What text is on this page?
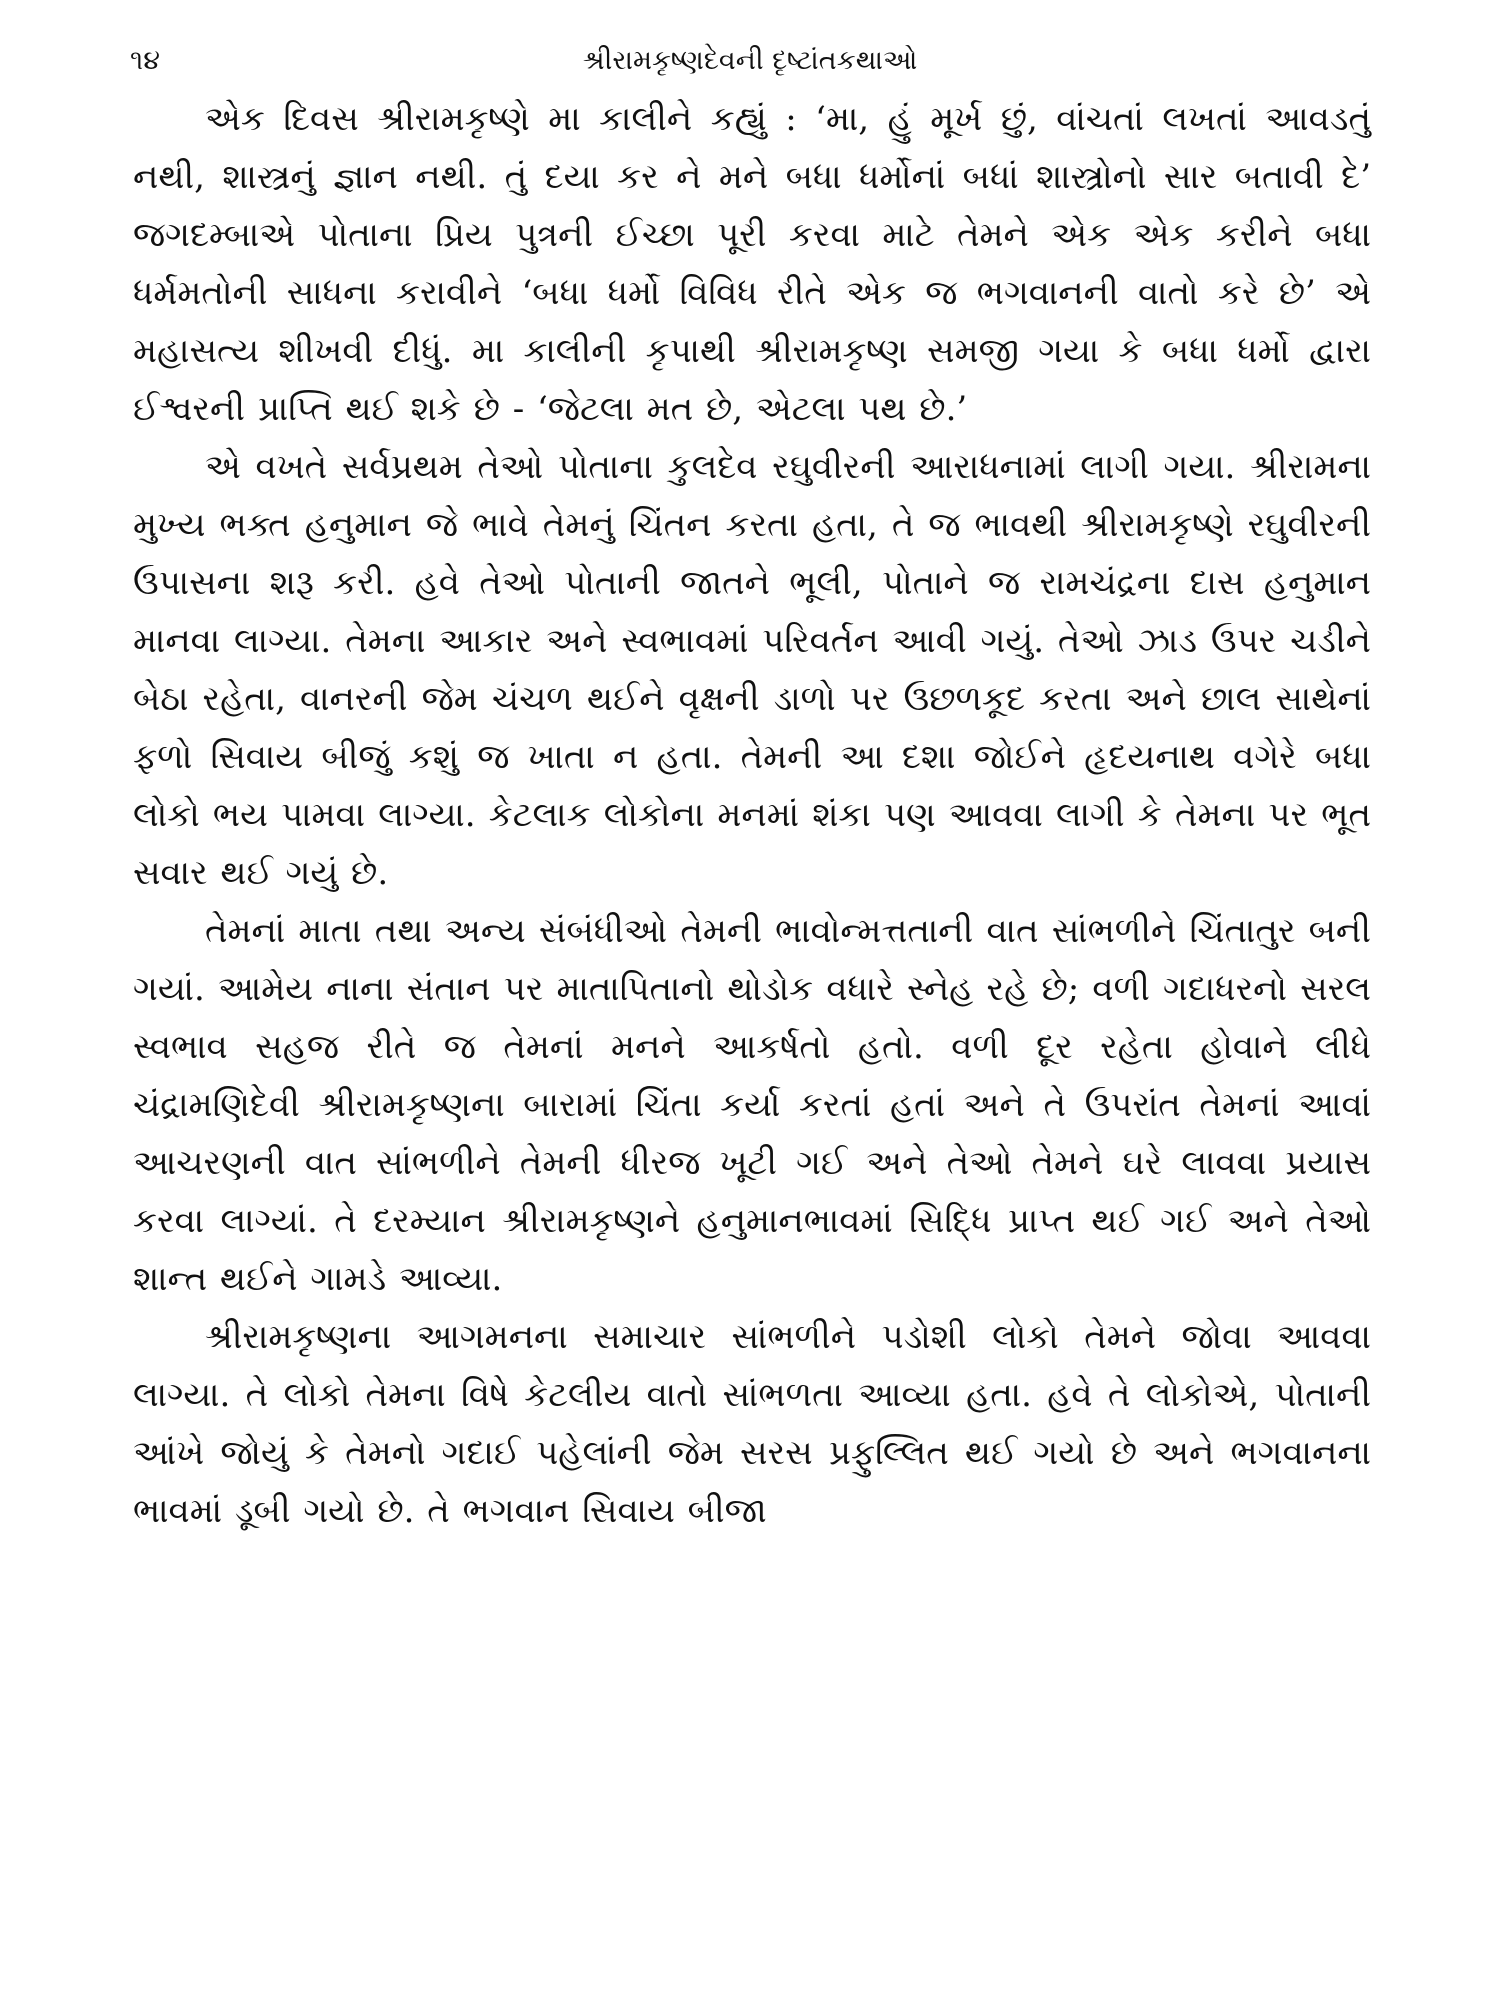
૧૪	શ્રીરામકૃષ્ણદેવની દૃષ્ટાંતકથાઓ

એક દિવસ શ્રીરામકૃષ્ણે મા કાલીને કહ્યું : ‘મા, હું મૂર્ખ છું, વાંચતાં લખતાં આવડતું નથી, શાસ્ત્રનું જ્ઞાન નથી. તું દયા કર ને મને બધા ધર્મોનાં બધાં શાસ્ત્રોનો સાર બતાવી દે’ જગદમ્બાએ પોતાના પ્રિય પુત્રની ઈચ્છા પૂરી કરવા માટે તેમને એક એક કરીને બધા ધર્મમતોની સાધના કરાવીને ‘બધા ધર્મો વિવિધ રીતે એક જ ભગવાનની વાતો કરે છે’ એ મહાસત્ય શીખવી દીધું. મા કાલીની કૃપાથી શ્રીરામકૃષ્ણ સમજી ગયા કે બધા ધર્મો દ્વારા ઈશ્વરની પ્રાપ્તિ થઈ શકે છે - ‘જેટલા મત છે, એટલા પથ છે.’

એ વખતે સર્વપ્રથમ તેઓ પોતાના કુલદેવ રઘુવીરની આરાધનામાં લાગી ગયા. શ્રીરામના મુખ્ય ભક્ત હનુમાન જે ભાવે તેમનું ચિંતન કરતા હતા, તે જ ભાવથી શ્રીરામકૃષ્ણે રઘુવીરની ઉપાસના શરૂ કરી. હવે તેઓ પોતાની જાતને ભૂલી, પોતાને જ રામચંદ્રના દાસ હનુમાન માનવા લાગ્યા. તેમના આકાર અને સ્વભાવમાં પરિવર્તન આવી ગયું. તેઓ ઝાડ ઉપર ચડીને બેઠા રહેતા, વાનરની જેમ ચંચળ થઈને વૃક્ષની ડાળો પર ઉછળકૂદ કરતા અને છાલ સાથેનાં ફળો સિવાય બીજું કશું જ ખાતા ન હતા. તેમની આ દશા જોઈને હૃદયનાથ વગેરે બધા લોકો ભય પામવા લાગ્યા. કેટલાક લોકોના મનમાં શંકા પણ આવવા લાગી કે તેમના પર ભૂત સવાર થઈ ગયું છે.

તેમનાં માતા તથા અન્ય સંબંધીઓ તેમની ભાવોન્મત્તતાની વાત સાંભળીને ચિંતાતુર બની ગયાં. આમેય નાના સંતાન પર માતાપિતાનો થોડોક વધારે સ્નેહ રહે છે; વળી ગદાધરનો સરલ સ્વભાવ સહજ રીતે જ તેમનાં મનને આકર્ષતો હતો. વળી દૂર રહેતા હોવાને લીધે ચંદ્રામણિદેવી શ્રીરામકૃષ્ણના બારામાં ચિંતા કર્યા કરતાં હતાં અને તે ઉપરાંત તેમનાં આવાં આચરણની વાત સાંભળીને તેમની ધીરજ ખૂટી ગઈ અને તેઓ તેમને ઘરે લાવવા પ્રયાસ કરવા લાગ્યાં. તે દરમ્યાન શ્રીરામકૃષ્ણને હનુમાનભાવમાં સિદ્ધિ પ્રાપ્ત થઈ ગઈ અને તેઓ શાન્ત થઈને ગામડે આવ્યા.

શ્રીરામકૃષ્ણના આગમનના સમાચાર સાંભળીને પડોશી લોકો તેમને જોવા આવવા લાગ્યા. તે લોકો તેમના વિષે કેટલીય વાતો સાંભળતા આવ્યા હતા. હવે તે લોકોએ, પોતાની આંખે જોયું કે તેમનો ગદાઈ પહેલાંની જેમ સરસ પ્રફુલ્લિત થઈ ગયો છે અને ભગવાનના ભાવમાં ડૂબી ગયો છે. તે ભગવાન સિવાય બીજા
